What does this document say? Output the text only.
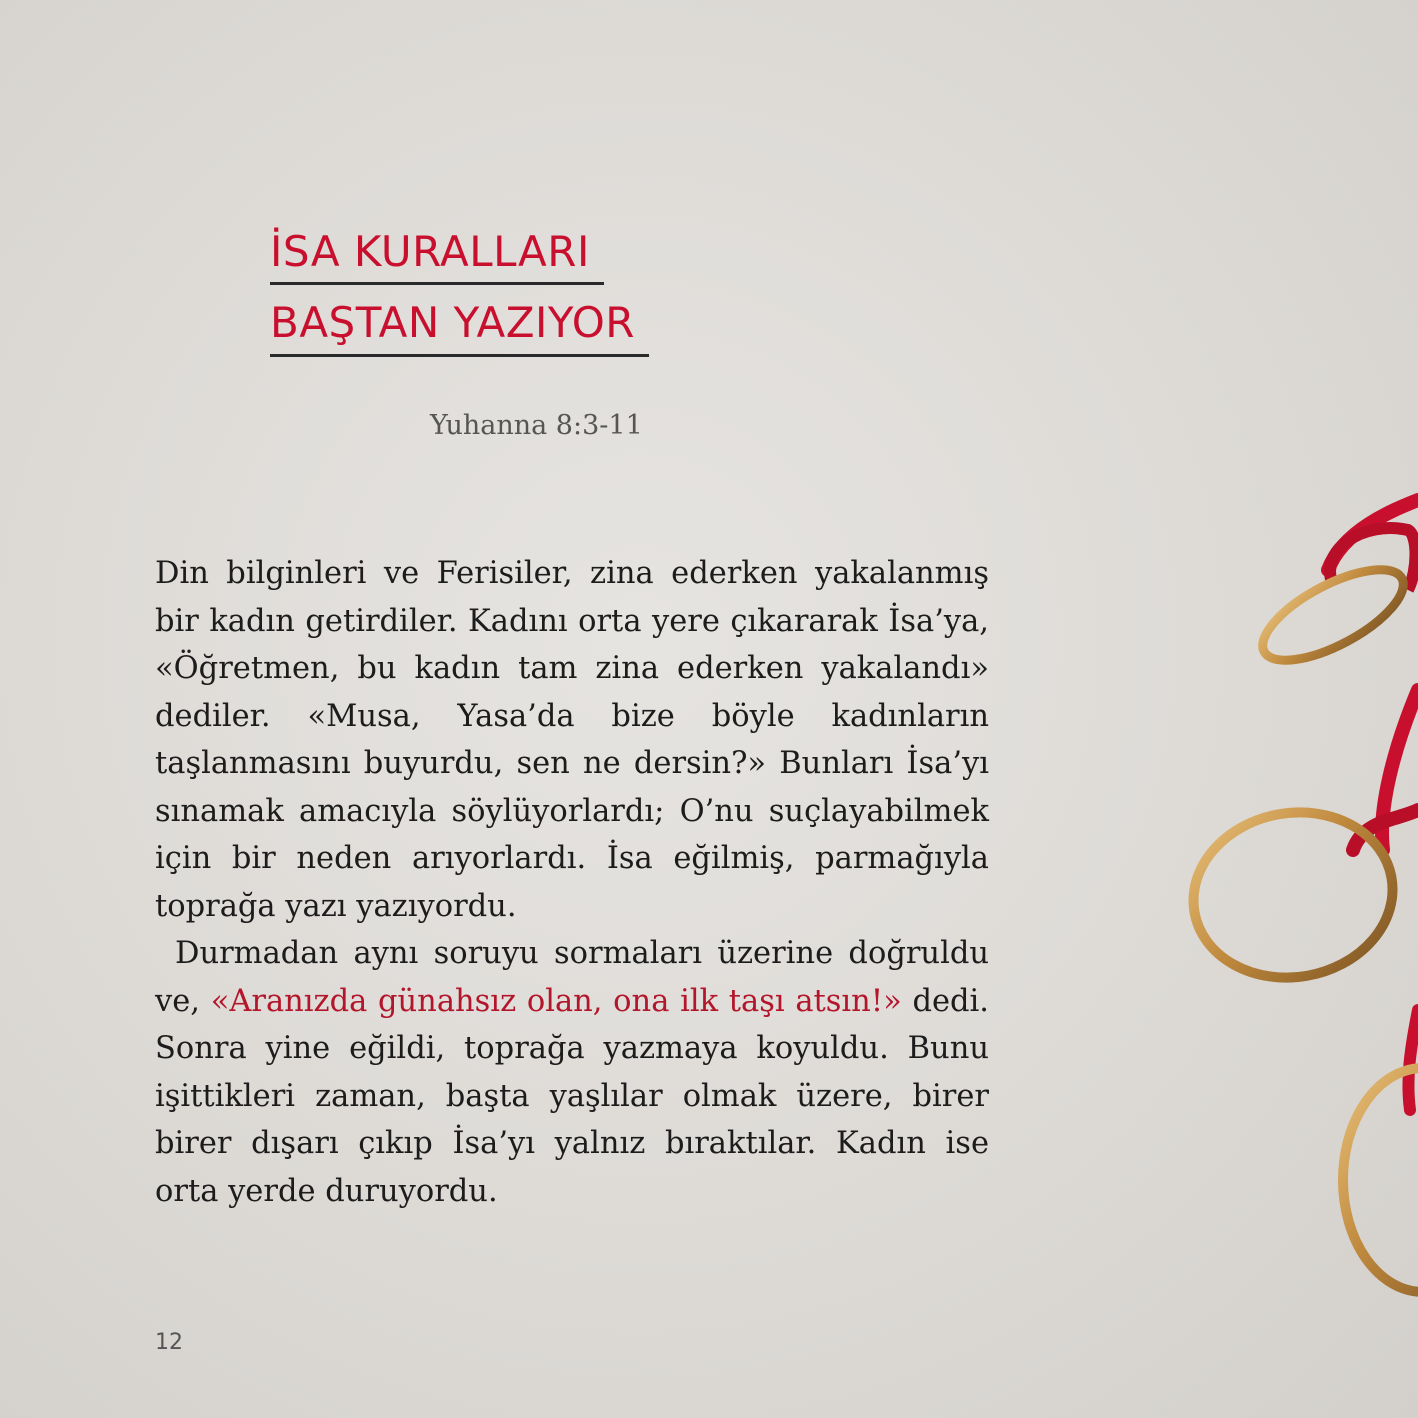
İSA KURALLARI
BAŞTAN YAZIYOR
Yuhanna 8:3-11

Din bilginleri ve Ferisiler, zina ederken yakalanmış bir kadın getirdiler. Kadını orta yere çıkararak İsa’ya, «Öğretmen, bu kadın tam zina ederken yakalandı» dediler. «Musa, Yasa’da bize böyle kadınların taşlanmasını buyurdu, sen ne dersin?» Bunları İsa’yı sınamak amacıyla söylüyorlardı; O’nu suçlayabilmek için bir neden arıyorlardı. İsa eğilmiş, parmağıyla toprağa yazı yazıyordu.

Durmadan aynı soruyu sormaları üzerine doğruldu ve, «Aranızda günahsız olan, ona ilk taşı atsın!» dedi. Sonra yine eğildi, toprağa yazmaya koyuldu. Bunu işittikleri zaman, başta yaşlılar olmak üzere, birer birer dışarı çıkıp İsa’yı yalnız bıraktılar. Kadın ise orta yerde duruyordu.

12
